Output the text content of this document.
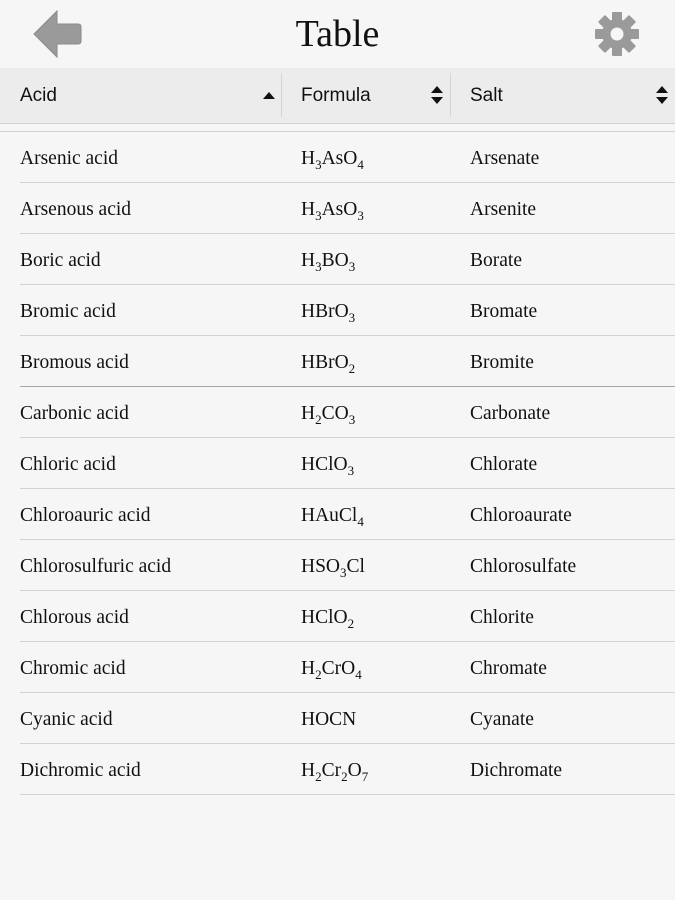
Table
Acid	Formula	Salt
Arsenic acid	$H_3AsO_4$	Arsenate
Arsenous acid	$H_3AsO_3$	Arsenite
Boric acid	$H_3BO_3$	Borate
Bromic acid	HBrO$_3$	Bromate
Bromous acid	HBrO$_2$	Bromite
Carbonic acid	$H_2CO_3$	Carbonate
Chloric acid	HClO$_3$	Chlorate
Chloroauric acid	HAuCl$_4$	Chloroaurate
Chlorosulfuric acid	$HSO_3Cl$	Chlorosulfate
Chlorous acid	HClO$_2$	Chlorite
Chromic acid	$H_2CrO_4$	Chromate
Cyanic acid	HOCN	Cyanate
Dichromic acid	$H_2Cr_2O_7$	Dichromate
